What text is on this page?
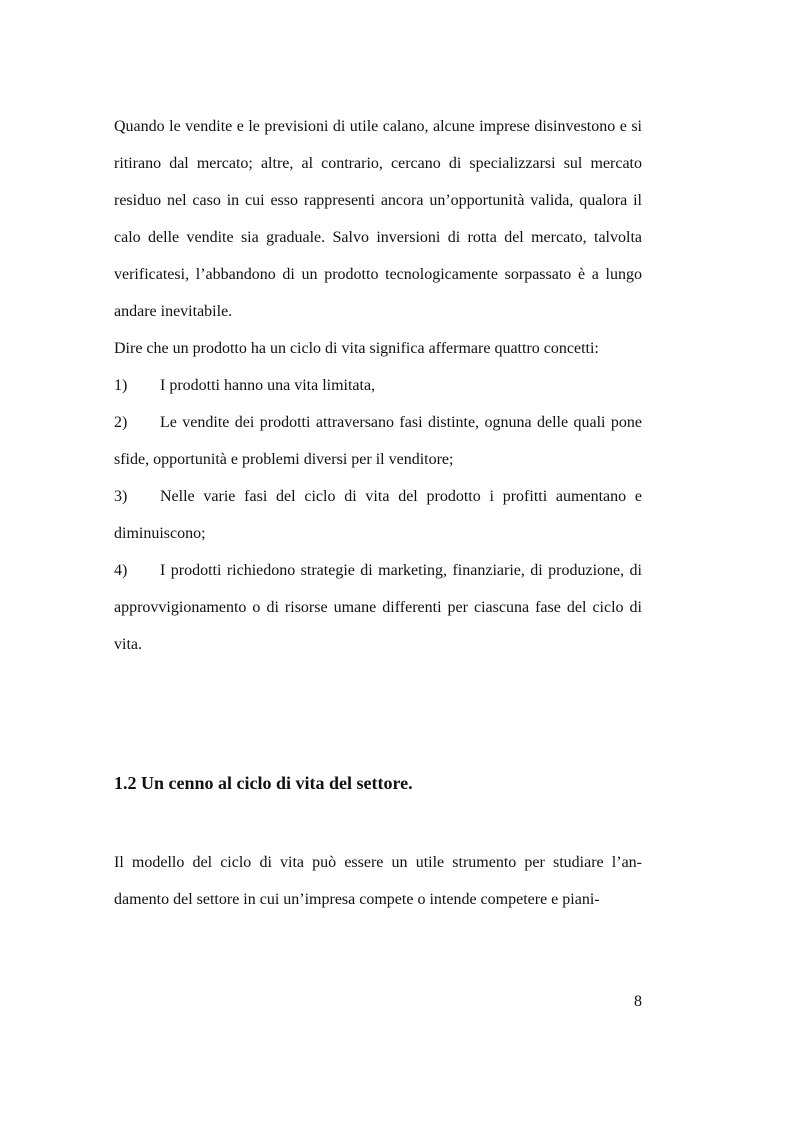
Quando le vendite e le previsioni di utile calano, alcune imprese disinvestono e si ritirano dal mercato; altre, al contrario, cercano di specializzarsi sul mercato residuo nel caso in cui esso rappresenti ancora un’opportunità valida, qualora il calo delle vendite sia graduale. Salvo inversioni di rotta del mercato, talvolta verificatesi, l’abbandono di un prodotto tecnologicamente sorpassato è a lungo andare inevitabile.

Dire che un prodotto ha un ciclo di vita significa affermare quattro concetti:

1) I prodotti hanno una vita limitata,

2) Le vendite dei prodotti attraversano fasi distinte, ognuna delle quali pone sfide, opportunità e problemi diversi per il venditore;

3) Nelle varie fasi del ciclo di vita del prodotto i profitti aumentano e diminuiscono;

4) I prodotti richiedono strategie di marketing, finanziarie, di produzione, di approvvigionamento o di risorse umane differenti per ciascuna fase del ciclo di vita.

1.2 Un cenno al ciclo di vita del settore.

Il modello del ciclo di vita può essere un utile strumento per studiare l’an-damento del settore in cui un’impresa compete o intende competere e piani-

8
